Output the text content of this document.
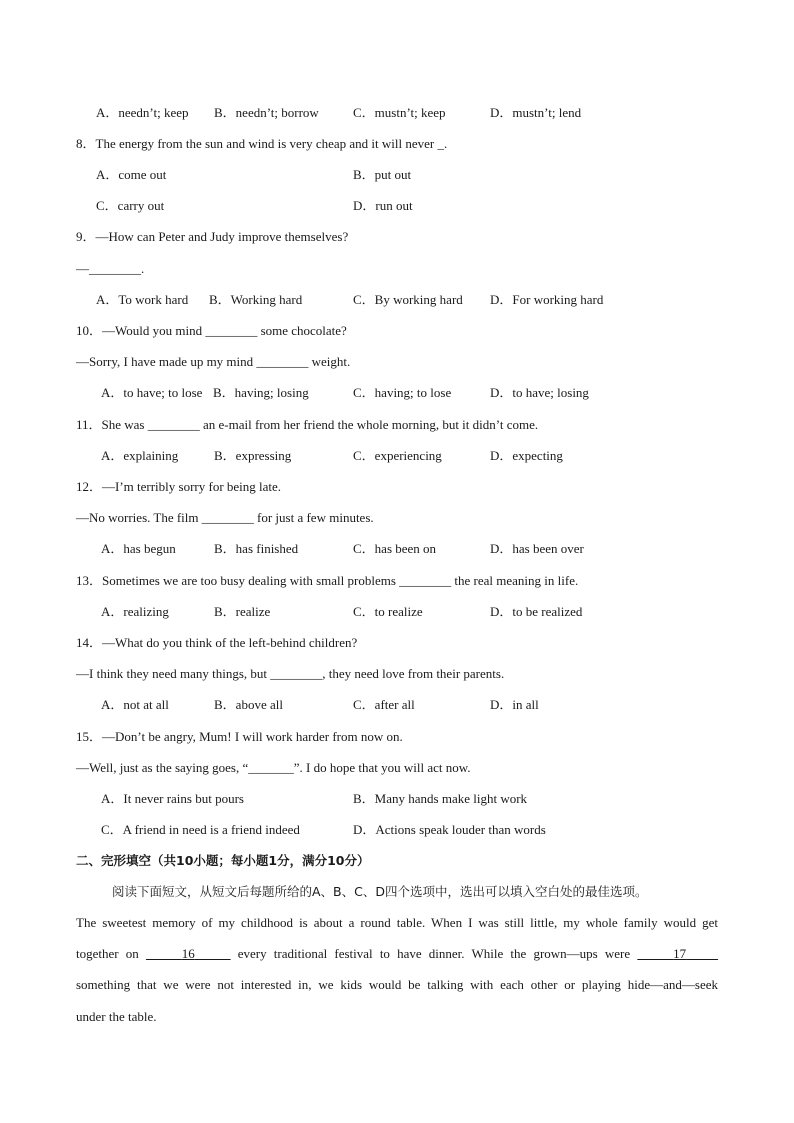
A．needn’t; keep B．needn’t; borrow	C．mustn’t; keep	D．mustn’t; lend
8．The energy from the sun and wind is very cheap and it will never _.
A．come out	B．put out
C．carry out	D．run out
9．—How can Peter and Judy improve themselves?
—________.
A．To work hard B．Working hard	C．By working hard D．For working hard
10．—Would you mind ________ some chocolate?
—Sorry, I have made up my mind ________ weight.
A．to have; to lose B．having; losing	C．having; to lose	D．to have; losing
11．She was ________ an e-mail from her friend the whole morning, but it didn’t come.
A．explaining	B．expressing	C．experiencing	D．expecting
12．—I’m terribly sorry for being late.
—No worries. The film ________ for just a few minutes.
A．has begun	B．has finished	C．has been on	D．has been over
13．Sometimes we are too busy dealing with small problems ________ the real meaning in life.
A．realizing	B．realize	C．to realize	D．to be realized
14．—What do you think of the left-behind children?
—I think they need many things, but ________, they need love from their parents.
A．not at all	B．above all	C．after all	D．in all
15．—Don’t be angry, Mum! I will work harder from now on.
—Well, just as the saying goes, “_______”. I do hope that you will act now.
A．It never rains but pours	B．Many hands make light work
C．A friend in need is a friend indeed	D．Actions speak louder than words
二、完形填空（共10小题；每小题1分，满分10分）
阅读下面短文，从短文后每题所给的A、B、C、D四个选项中，选出可以填入空白处的最佳选项。
The sweetest memory of my childhood is about a round table. When I was still little, my whole family would get
together on	16	every traditional festival to have dinner. While the grown—ups were	17
something that we were not interested in, we kids would be talking with each other or playing hide—and—seek
under the table.
